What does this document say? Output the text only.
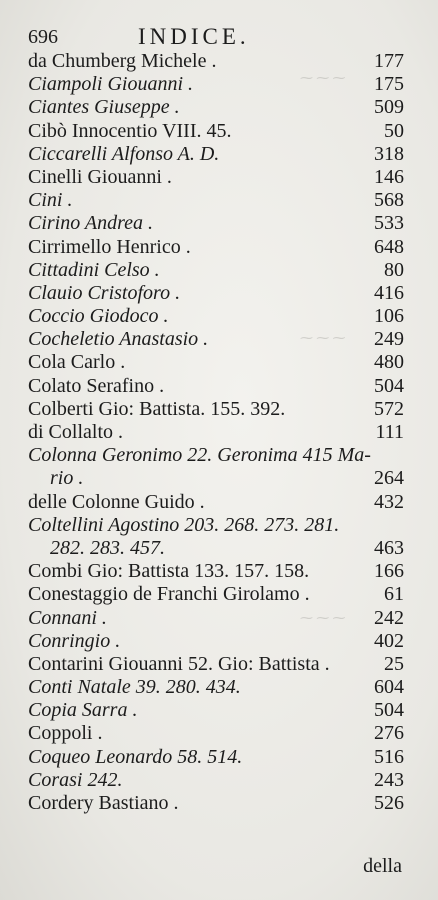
⁓ ⁓ ⁓
⁓ ⁓ ⁓
⁓ ⁓ ⁓
696	INDICE.
da Chumberg Michele .	177
Ciampoli Giouanni .	175
Ciantes Giuseppe .	509
Cibò Innocentio VIII. 45.	50
Ciccarelli Alfonso A. D.	318
Cinelli Giouanni .	146
Cini .	568
Cirino Andrea .	533
Cirrimello Henrico .	648
Cittadini Celso .	80
Clauio Cristoforo .	416
Coccio Giodoco .	106
Cocheletio Anastasio .	249
Cola Carlo .	480
Colato Serafino .	504
Colberti Gio: Battista. 155. 392.	572
di Collalto .	111
Colonna Geronimo 22. Geronima 415 Ma-
rio .	264
delle Colonne Guido .	432
Coltellini Agostino 203. 268. 273. 281.
282. 283. 457.	463
Combi Gio: Battista 133. 157. 158.	166
Conestaggio de Franchi Girolamo .	61
Connani .	242
Conringio .	402
Contarini Giouanni 52. Gio: Battista .	25
Conti Natale 39. 280. 434.	604
Copia Sarra .	504
Coppoli .	276
Coqueo Leonardo 58. 514.	516
Corasi 242.	243
Cordery Bastiano .	526
della
